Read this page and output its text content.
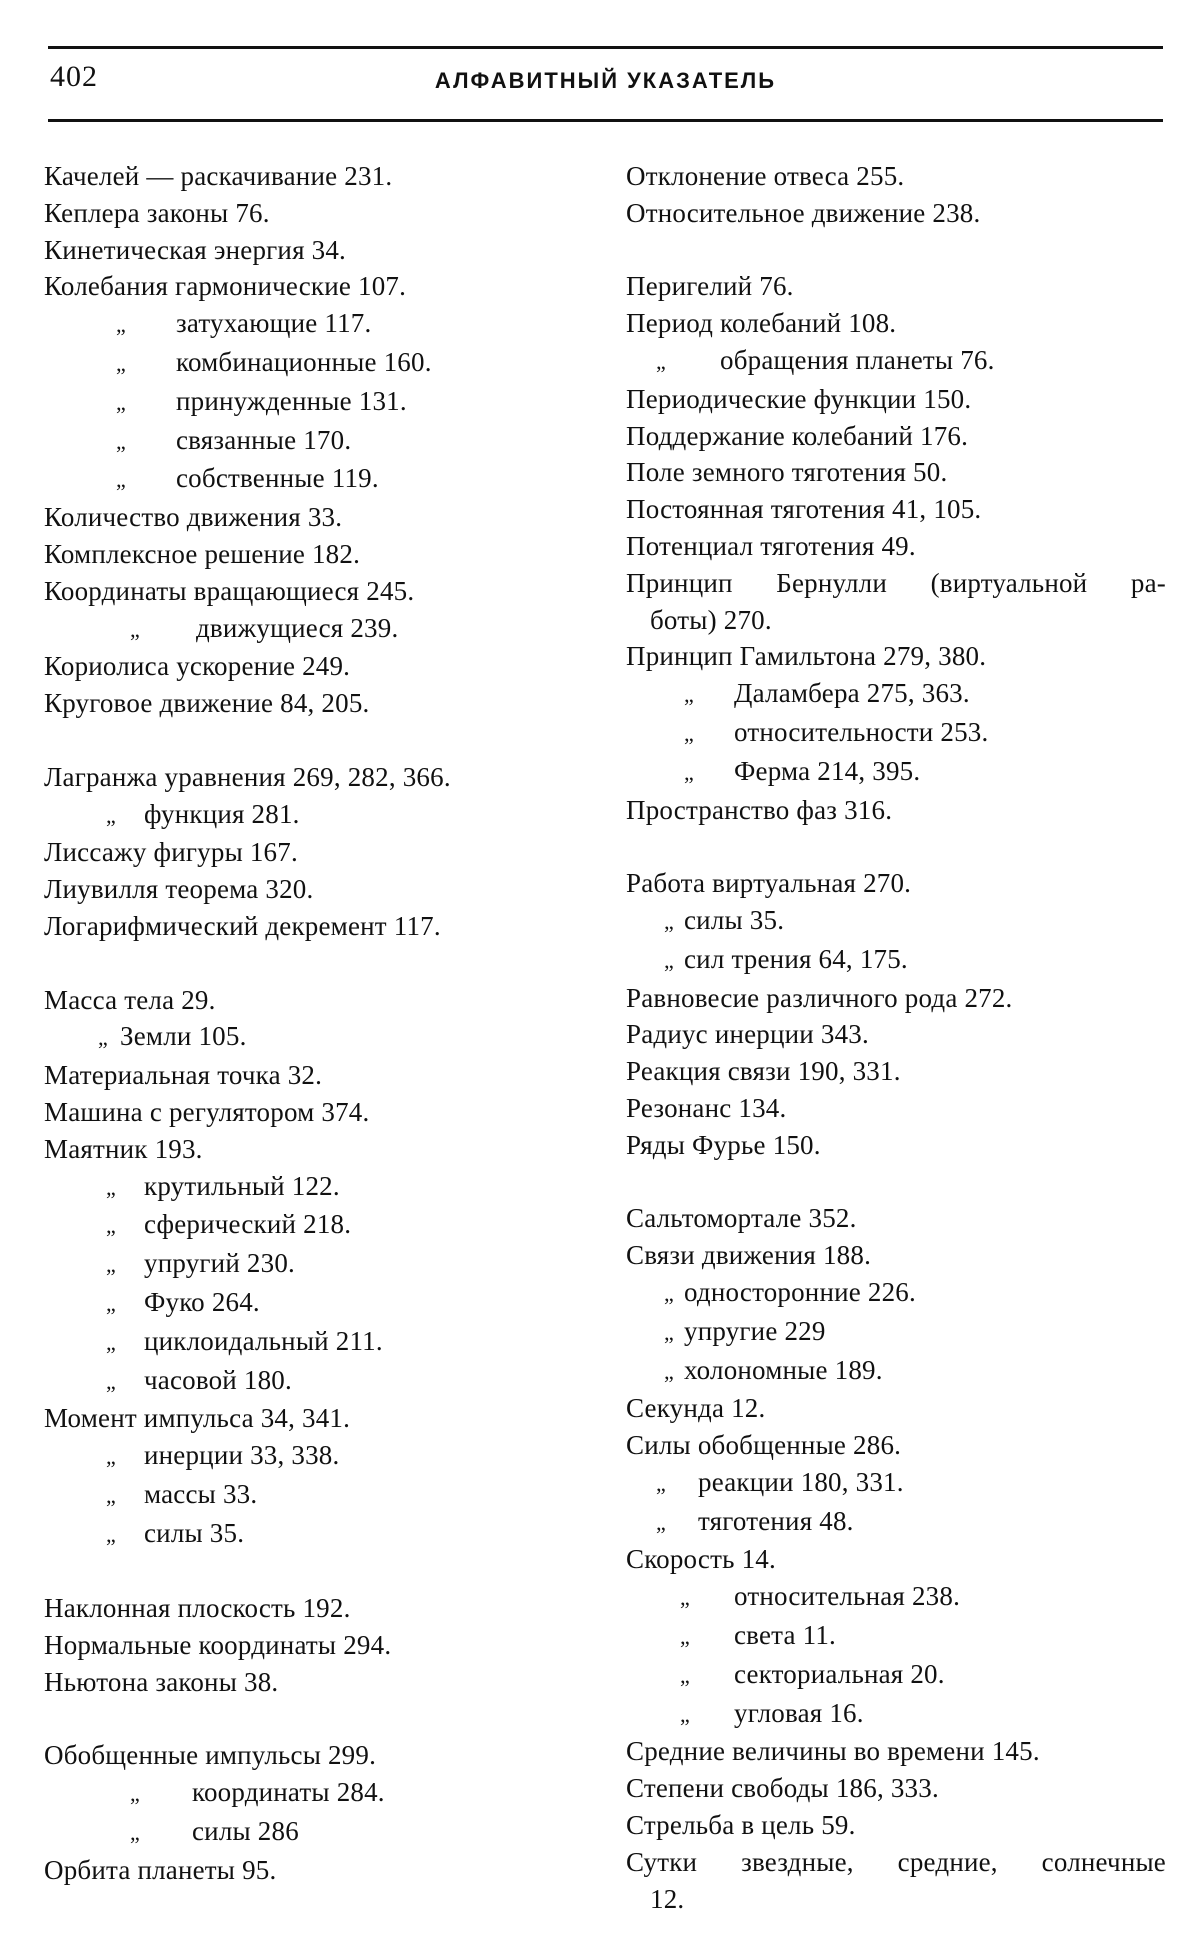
402	АЛФАВИТНЫЙ УКАЗАТЕЛЬ
Качелей — раскачивание 231.
Кеплера законы 76.
Кинетическая энергия 34.
Колебания гармонические 107.
„ затухающие 117.
„ комбинационные 160.
„ принужденные 131.
„ связанные 170.
„ собственные 119.
Количество движения 33.
Комплексное решение 182.
Координаты вращающиеся 245.
„ движущиеся 239.
Кориолиса ускорение 249.
Круговое движение 84, 205.
Лагранжа уравнения 269, 282, 366.
„ функция 281.
Лиссажу фигуры 167.
Лиувилля теорема 320.
Логарифмический декремент 117.
Масса тела 29.
„ Земли 105.
Материальная точка 32.
Машина с регулятором 374.
Маятник 193.
„ крутильный 122.
„ сферический 218.
„ упругий 230.
„ Фуко 264.
„ циклоидальный 211.
„ часовой 180.
Момент импульса 34, 341.
„ инерции 33, 338.
„ массы 33.
„ силы 35.
Наклонная плоскость 192.
Нормальные координаты 294.
Ньютона законы 38.
Обобщенные импульсы 299.
„ координаты 284.
„ силы 286
Орбита планеты 95.
Отклонение отвеса 255.
Относительное движение 238.
Перигелий 76.
Период колебаний 108.
„ обращения планеты 76.
Периодические функции 150.
Поддержание колебаний 176.
Поле земного тяготения 50.
Постоянная тяготения 41, 105.
Потенциал тяготения 49.
Принцип Бернулли (виртуальной ра-
боты) 270.
Принцип Гамильтона 279, 380.
„ Даламбера 275, 363.
„ относительности 253.
„ Ферма 214, 395.
Пространство фаз 316.
Работа виртуальная 270.
„ силы 35.
„ сил трения 64, 175.
Равновесие различного рода 272.
Радиус инерции 343.
Реакция связи 190, 331.
Резонанс 134.
Ряды Фурье 150.
Сальтомортале 352.
Связи движения 188.
„ односторонние 226.
„ упругие 229
„ холономные 189.
Секунда 12.
Силы обобщенные 286.
„ реакции 180, 331.
„ тяготения 48.
Скорость 14.
„ относительная 238.
„ света 11.
„ секториальная 20.
„ угловая 16.
Средние величины во времени 145.
Степени свободы 186, 333.
Стрельба в цель 59.
Сутки звездные, средние, солнечные
12.
